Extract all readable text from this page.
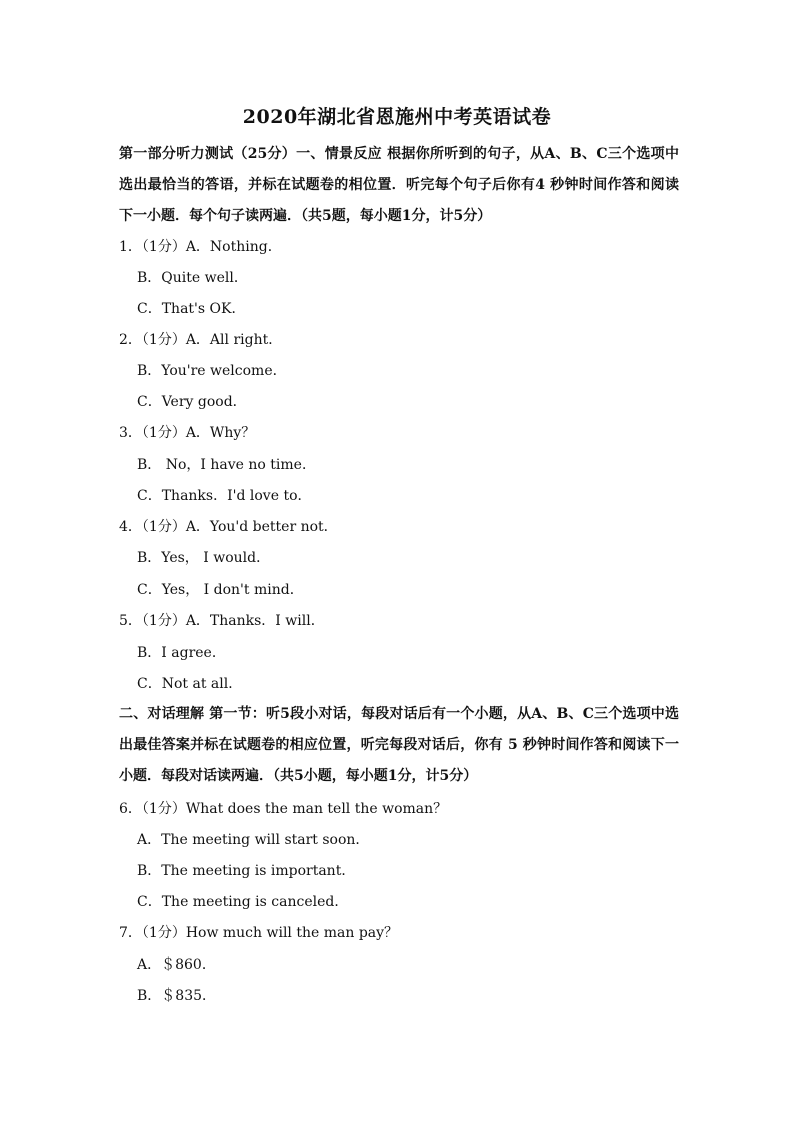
2020年湖北省恩施州中考英语试卷
第一部分听力测试（25分）一、情景反应 根据你所听到的句子，从A、B、C三个选项中选出最恰当的答语，并标在试题卷的相位置．听完每个句子后你有4 秒钟时间作答和阅读下一小题．每个句子读两遍．（共5题，每小题1分，计5分）
1．（1分）A．Nothing．
B．Quite well．
C．That's OK．
2．（1分）A．All right．
B．You're welcome．
C．Very good．
3．（1分）A．Why？
B． No，I have no time．
C．Thanks．I'd love to．
4．（1分）A．You'd better not．
B．Yes， I would．
C．Yes， I don't mind．
5．（1分）A．Thanks．I will．
B．I agree．
C．Not at all．
二、对话理解 第一节：听5段小对话，每段对话后有一个小题，从A、B、C三个选项中选出最佳答案并标在试题卷的相应位置，听完每段对话后，你有 5 秒钟时间作答和阅读下一小题．每段对话读两遍．（共5小题，每小题1分，计5分）
6．（1分）What does the man tell the woman？
A．The meeting will start soon．
B．The meeting is important．
C．The meeting is canceled．
7．（1分）How much will the man pay？
A．＄860．
B．＄835．
